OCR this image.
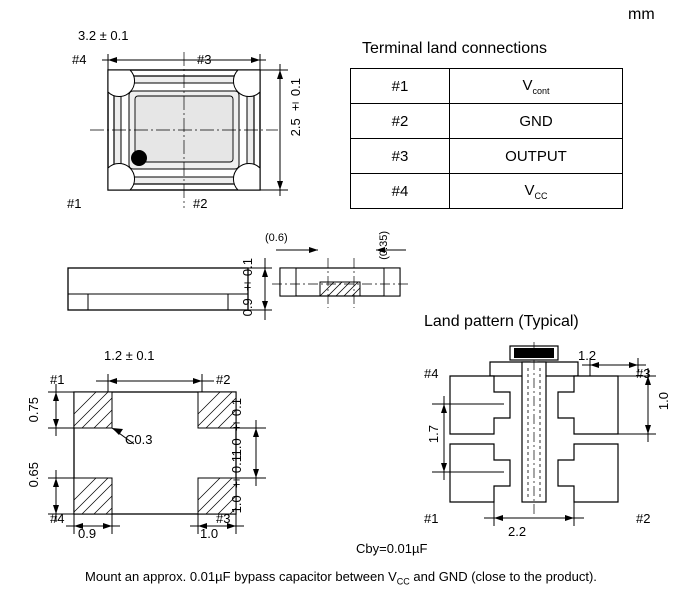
mm
3.2 ± 0.1
2.5 ± 0.1
#4	#3
#1	#2
Terminal land connections
#1	$V_{cont}$
#2	GND
#3	OUTPUT
#4	$V_{CC}$
0.9 ± 0.1
(0.6)	(0.35)
1.2 ± 0.1
#1	#2
#4	#3
0.75
0.65
1.0 ± 0.1
1.0 ± 0.1
0.9	1.0
C0.3
Land pattern (Typical)
#4	#3
#1	#2
1.2
1.0
1.7
2.2
Cby=0.01µF
Mount an approx. 0.01µF bypass capacitor between $V_{CC}$ and GND (close to the product).
